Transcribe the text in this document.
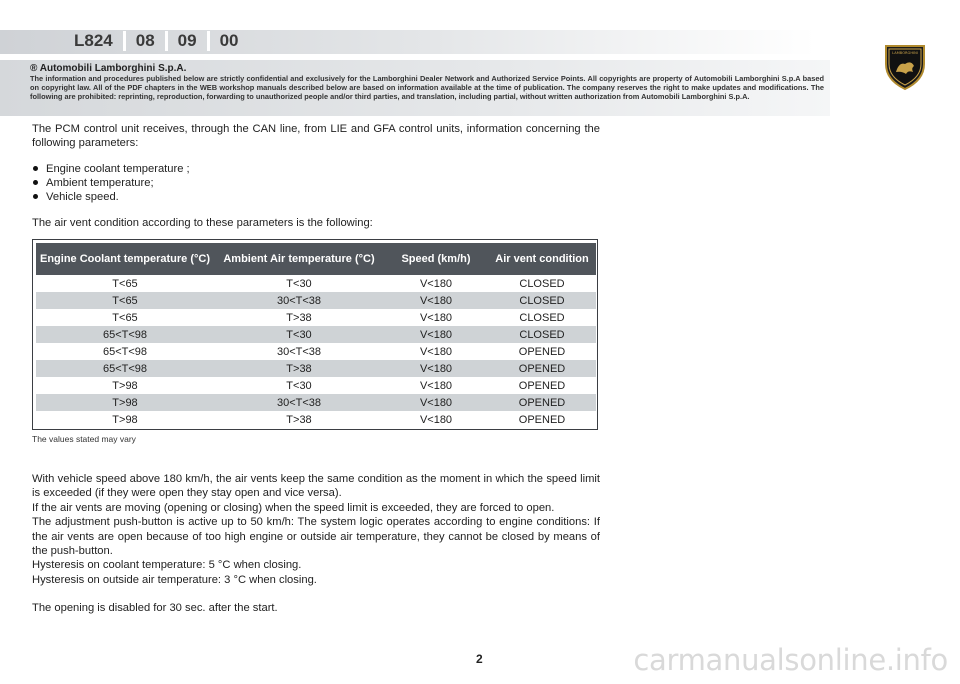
L824	08	09	00
LAMBORGHINI
® Automobili Lamborghini S.p.A.
The information and procedures published below are strictly confidential and exclusively for the Lamborghini Dealer Network and Authorized Service Points. All copyrights are property of Automobili Lamborghini S.p.A based on copyright law. All of the PDF chapters in the WEB workshop manuals described below are based on information available at the time of publication. The company reserves the right to make updates and modifications. The following are prohibited: reprinting, reproduction, forwarding to unauthorized people and/or third parties, and translation, including partial, without written authorization from Automobili Lamborghini S.p.A.

The PCM control unit receives, through the CAN line, from LIE and GFA control units, information concerning the following parameters:

Engine coolant temperature ;
Ambient temperature;
Vehicle speed.

The air vent condition according to these parameters is the following:

Engine Coolant temperature (°C)	Ambient Air temperature (°C)	Speed (km/h)	Air vent condition
T<65	T<30	V<180	CLOSED
T<65	30<T<38	V<180	CLOSED
T<65	T>38	V<180	CLOSED
65<T<98	T<30	V<180	CLOSED
65<T<98	30<T<38	V<180	OPENED
65<T<98	T>38	V<180	OPENED
T>98	T<30	V<180	OPENED
T>98	30<T<38	V<180	OPENED
T>98	T>38	V<180	OPENED
The values stated may vary

With vehicle speed above 180 km/h, the air vents keep the same condition as the moment in which the speed limit is exceeded (if they were open they stay open and vice versa).

If the air vents are moving (opening or closing) when the speed limit is exceeded, they are forced to open.

The adjustment push-button is active up to 50 km/h: The system logic operates according to engine conditions: If the air vents are open because of too high engine or outside air temperature, they cannot be closed by means of the push-button.

Hysteresis on coolant temperature: 5 °C when closing.

Hysteresis on outside air temperature: 3 °C when closing.

The opening is disabled for 30 sec. after the start.

2	carmanualsonline.info
